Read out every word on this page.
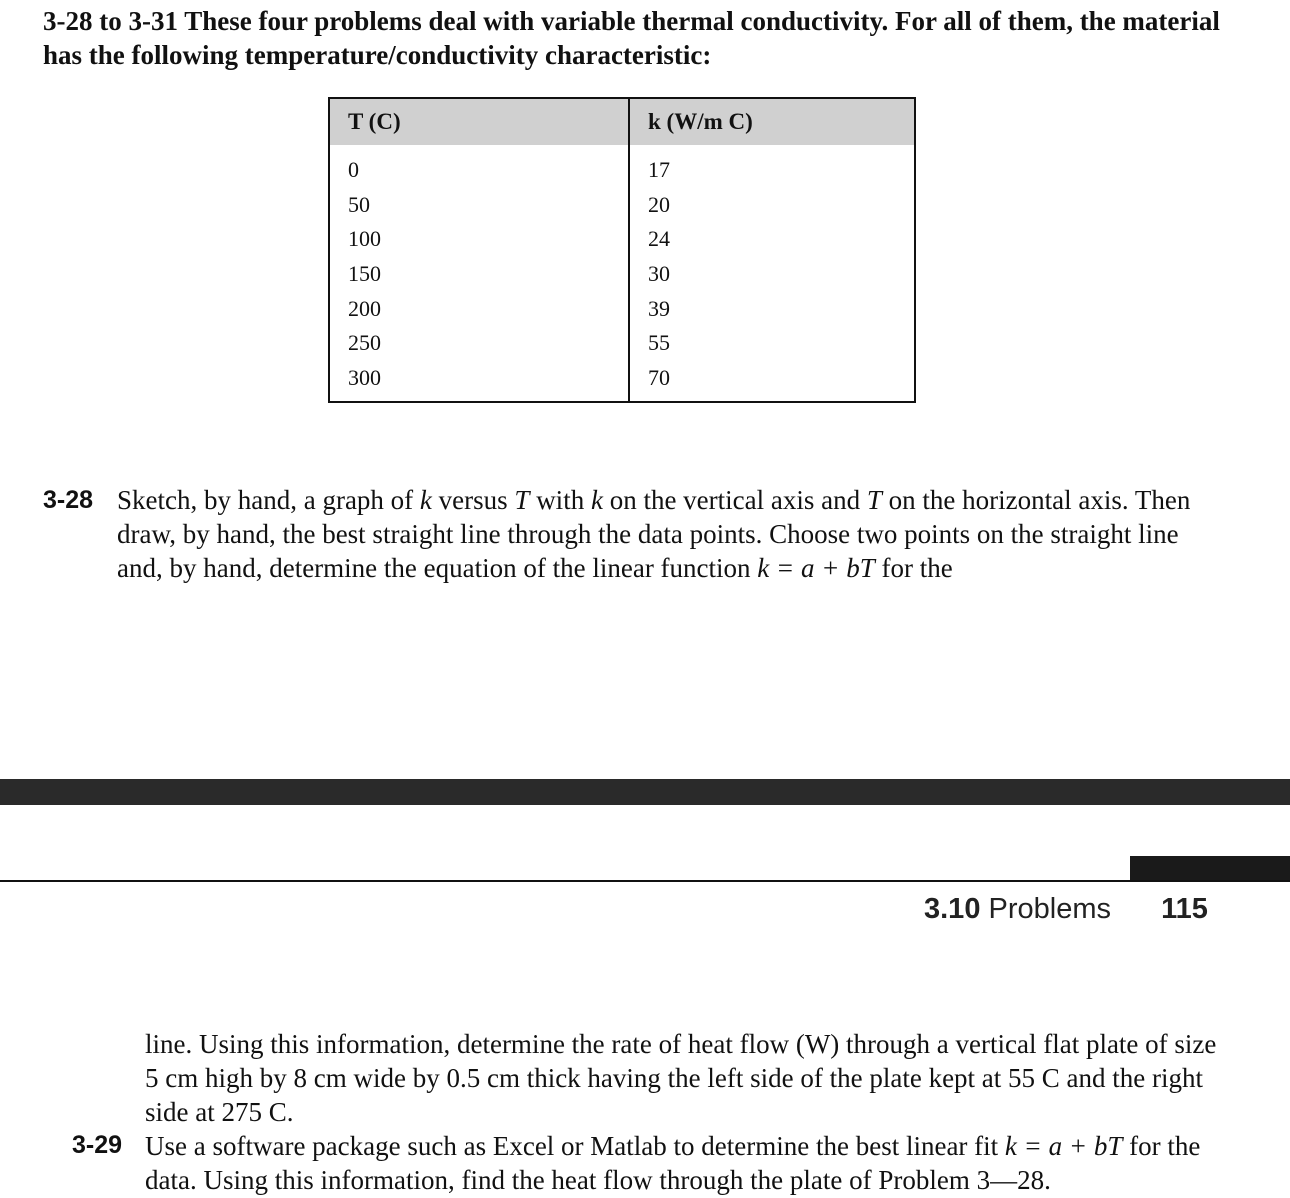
3-28 to 3-31 These four problems deal with variable thermal conductivity. For all of them, the material has the following temperature/conductivity characteristic:
T (C)	k (W/m C)
0	17
50	20
100	24
150	30
200	39
250	55
300	70
3-28 Sketch, by hand, a graph of k versus T with k on the vertical axis and T on the horizontal axis. Then draw, by hand, the best straight line through the data points. Choose two points on the straight line and, by hand, determine the equation of the linear function k = a + bT for the
3.10 Problems 115
line. Using this information, determine the rate of heat flow (W) through a vertical flat plate of size 5 cm high by 8 cm wide by 0.5 cm thick having the left side of the plate kept at 55 C and the right side at 275 C.
3-29 Use a software package such as Excel or Matlab to determine the best linear fit k = a + bT for the data. Using this information, find the heat flow through the plate of Problem 3—28.
